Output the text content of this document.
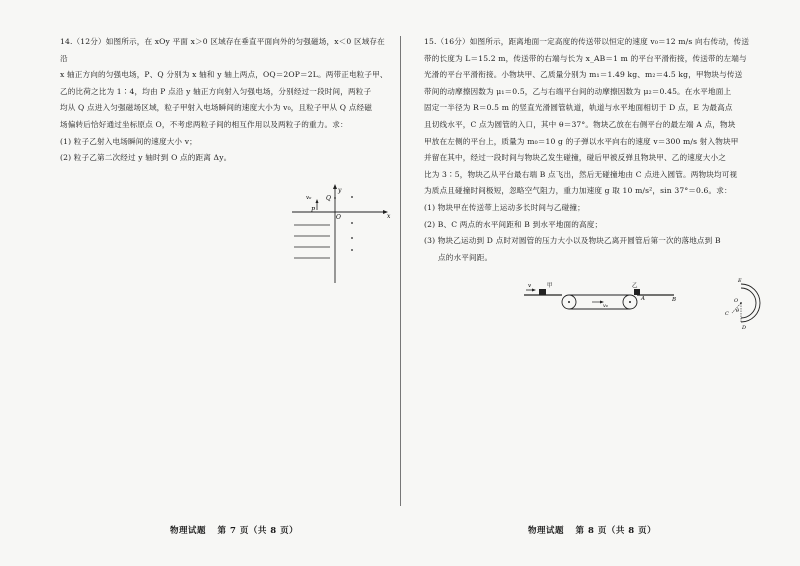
14.（12分）如图所示，在 xOy 平面 x＞0 区域存在垂直平面向外的匀强磁场，x＜0 区域存在沿

x 轴正方向的匀强电场，P、Q 分别为 x 轴和 y 轴上两点，OQ＝2OP＝2L。两带正电粒子甲、

乙的比荷之比为 1∶4，均由 P 点沿 y 轴正方向射入匀强电场，分别经过一段时间，两粒子

均从 Q 点进入匀强磁场区域，粒子甲射入电场瞬间的速度大小为 v₀，且粒子甲从 Q 点经磁

场偏转后恰好通过坐标原点 O，不考虑两粒子间的相互作用以及两粒子的重力。求：

(1) 粒子乙射入电场瞬间的速度大小 v；

(2) 粒子乙第二次经过 y 轴时到 O 点的距离 Δy。

y
x
Q
P
O
v₀
物理试题 第 7 页（共 8 页）

15.（16分）如图所示，距离地面一定高度的传送带以恒定的速度 v₀＝12 m/s 向右传动，传送

带的长度为 L＝15.2 m，传送带的右端与长为 x_AB＝1 m 的平台平滑衔接，传送带的左端与

光滑的平台平滑衔接。小物块甲、乙质量分别为 m₁＝1.49 kg、m₂＝4.5 kg，甲物块与传送

带间的动摩擦因数为 μ₁＝0.5，乙与右端平台间的动摩擦因数为 μ₂＝0.45。在水平地面上

固定一半径为 R＝0.5 m 的竖直光滑圆管轨道，轨道与水平地面相切于 D 点，E 为最高点

且切线水平，C 点为圆管的入口，其中 θ＝37°。物块乙放在右侧平台的最左端 A 点，物块

甲放在左侧的平台上，质量为 m₀＝10 g 的子弹以水平向右的速度 v＝300 m/s 射入物块甲

并留在其中，经过一段时间与物块乙发生碰撞，碰后甲被反弹且物块甲、乙的速度大小之

比为 3∶5，物块乙从平台最右端 B 点飞出，然后无碰撞地由 C 点进入圆管。两物块均可视

为质点且碰撞时间极短，忽略空气阻力，重力加速度 g 取 10 m/s²，sin 37°＝0.6。求：

(1) 物块甲在传送带上运动多长时间与乙碰撞；

(2) B、C 两点的水平间距和 B 到水平地面的高度；

(3) 物块乙运动到 D 点时对圆管的压力大小以及物块乙离开圆管后第一次的落地点到 B

点的水平间距。

v	甲
v₀
乙
A	B
E
O
θ
C
D
物理试题 第 8 页（共 8 页）
